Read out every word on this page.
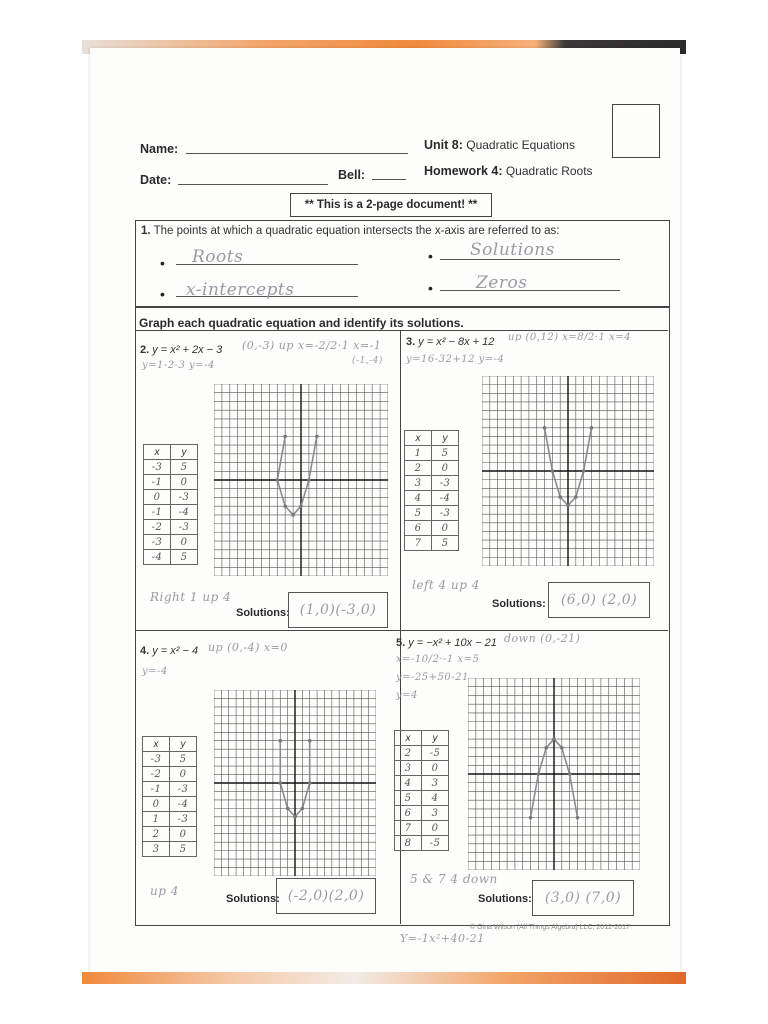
Name:
Date:	Bell:
Unit 8: Quadratic Equations
Homework 4: Quadratic Roots
** This is a 2-page document! **
1. The points at which a quadratic equation intersects the x-axis are referred to as:
•	•
•	•
Roots	Solutions
x-intercepts	Zeros
Graph each quadratic equation and identify its solutions.
2. y = x² + 2x − 3 (0,-3) up x=-2/2·1 x=-1
(-1,-4)
y=1-2-3 y=-4
x	y
-3	5
-1	0
0	-3
-1	-4
-2	-3
-3	0
-4	5
Right 1 up 4
Solutions: (1,0)(-3,0)
3. y = x² − 8x + 12 up (0,12) x=8/2·1 x=4
y=16-32+12 y=-4
x	y
1	5
2	0
3	-3
4	-4
5	-3
6	0
7	5
left 4 up 4
Solutions:	(6,0) (2,0)
4. y = x² − 4 up (0,-4) x=0
y=-4
x	y
-3	5
-2	0
-1	-3
0	-4
1	-3
2	0
3	5
up 4
Solutions: (-2,0)(2,0)
5. y = −x² + 10x − 21 down (0,-21)
x=-10/2·-1 x=5
y=-25+50-21
y=4
x	y
2	-5
3	0
4	3
5	4
6	3
7	0
8	-5
5 & 7 4 down
Solutions: (3,0) (7,0)
© Gina Wilson (All Things Algebra) LLC, 2012-2017
Y=-1x²+40-21
